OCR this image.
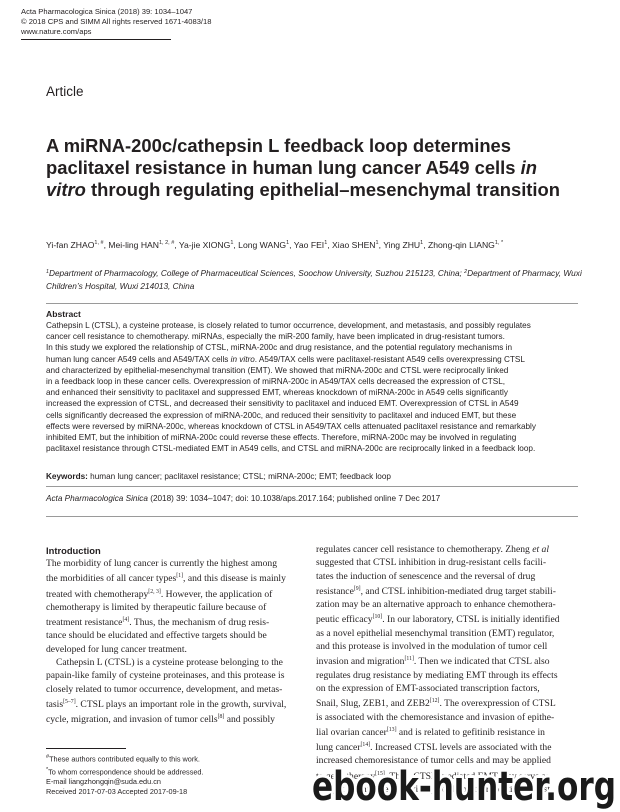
Acta Pharmacologica Sinica (2018) 39: 1034–1047
© 2018 CPS and SIMM All rights reserved 1671-4083/18
www.nature.com/aps
Article
A miRNA-200c/cathepsin L feedback loop determines paclitaxel resistance in human lung cancer A549 cells in vitro through regulating epithelial–mesenchymal transition
Yi-fan $ZHAO^{1, \#}$, Mei-ling $HAN^{1, 2, \#}$, Ya-jie XIONG$^1$, Long WANG$^1$, Yao FEI$^1$, Xiao SHEN$^1$, Ying ZHU$^1$, Zhong-qin $LIANG^{1, *}$
$^1$Department of Pharmacology, College of Pharmaceutical Sciences, Soochow University, Suzhou 215123, China; $^2$Department of Pharmacy, Wuxi Children’s Hospital, Wuxi 214013, China
Abstract
Cathepsin L (CTSL), a cysteine protease, is closely related to tumor occurrence, development, and metastasis, and possibly regulates
cancer cell resistance to chemotherapy. miRNAs, especially the miR-200 family, have been implicated in drug-resistant tumors.
In this study we explored the relationship of CTSL, miRNA-200c and drug resistance, and the potential regulatory mechanisms in
human lung cancer A549 cells and A549/TAX cells in vitro. A549/TAX cells were paclitaxel-resistant A549 cells overexpressing CTSL
and characterized by epithelial-mesenchymal transition (EMT). We showed that miRNA-200c and CTSL were reciprocally linked
in a feedback loop in these cancer cells. Overexpression of miRNA-200c in A549/TAX cells decreased the expression of CTSL,
and enhanced their sensitivity to paclitaxel and suppressed EMT, whereas knockdown of miRNA-200c in A549 cells significantly
increased the expression of CTSL, and decreased their sensitivity to paclitaxel and induced EMT. Overexpression of CTSL in A549
cells significantly decreased the expression of miRNA-200c, and reduced their sensitivity to paclitaxel and induced EMT, but these
effects were reversed by miRNA-200c, whereas knockdown of CTSL in A549/TAX cells attenuated paclitaxel resistance and remarkably
inhibited EMT, but the inhibition of miRNA-200c could reverse these effects. Therefore, miRNA-200c may be involved in regulating
paclitaxel resistance through CTSL-mediated EMT in A549 cells, and CTSL and miRNA-200c are reciprocally linked in a feedback loop.
Keywords: human lung cancer; paclitaxel resistance; CTSL; miRNA-200c; EMT; feedback loop
Acta Pharmacologica Sinica (2018) 39: 1034–1047; doi: 10.1038/aps.2017.164; published online 7 Dec 2017
Introduction
The morbidity of lung cancer is currently the highest among
the morbidities of all cancer types[1], and this disease is mainly
treated with chemotherapy[2, 3]. However, the application of
chemotherapy is limited by therapeutic failure because of
treatment resistance[4]. Thus, the mechanism of drug resis-
tance should be elucidated and effective targets should be
developed for lung cancer treatment.
Cathepsin L (CTSL) is a cysteine protease belonging to the
papain-like family of cysteine proteinases, and this protease is
closely related to tumor occurrence, development, and metas-
tasis[5–7]. CTSL plays an important role in the growth, survival,
cycle, migration, and invasion of tumor cells[8] and possibly
regulates cancer cell resistance to chemotherapy. Zheng et al
suggested that CTSL inhibition in drug-resistant cells facili-
tates the induction of senescence and the reversal of drug
resistance[9], and CTSL inhibition-mediated drug target stabili-
zation may be an alternative approach to enhance chemothera-
peutic efficacy[10]. In our laboratory, CTSL is initially identified
as a novel epithelial mesenchymal transition (EMT) regulator,
and this protease is involved in the modulation of tumor cell
invasion and migration[11]. Then we indicated that CTSL also
regulates drug resistance by mediating EMT through its effects
on the expression of EMT-associated transcription factors,
Snail, Slug, ZEB1, and ZEB2[12]. The overexpression of CTSL
is associated with the chemoresistance and invasion of epithe-
lial ovarian cancer[13] and is related to gefitinib resistance in
lung cancer[14]. Increased CTSL levels are associated with the
increased chemoresistance of tumor cells and may be applied
to gene therapy[15]. Thus, CTSL-mediated EMT may serve as
a target to improve the efficacy of chemotherapeutics against
#These authors contributed equally to this work.
*To whom correspondence should be addressed.
E-mail liangzhongqin@suda.edu.cn
Received 2017-07-03 Accepted 2017-09-18	ebook-hunter.org
ebook-hunter.org
